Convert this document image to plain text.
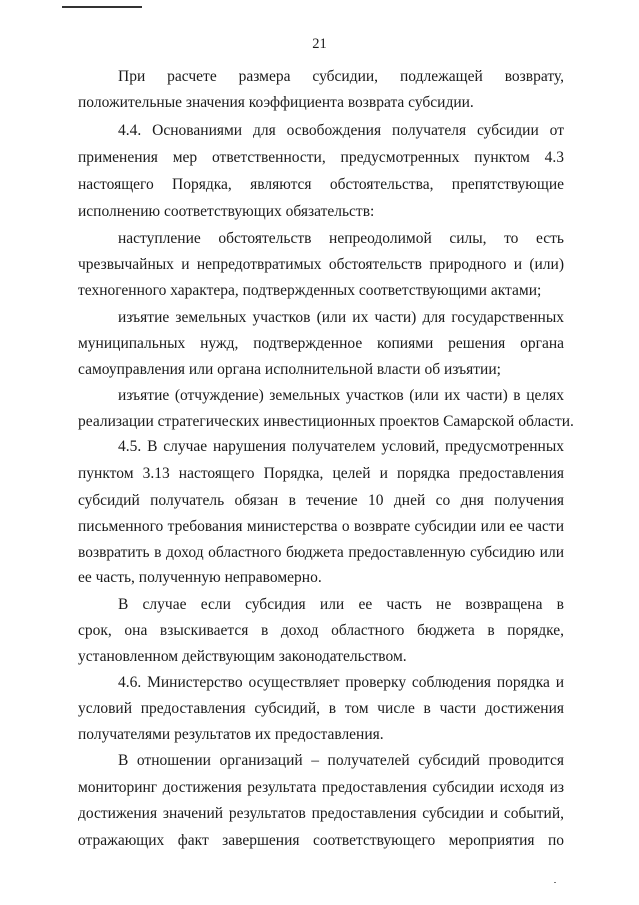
21
При расчете размера субсидии, подлежащей возврату,
положительные значения коэффициента возврата субсидии.
4.4. Основаниями для освобождения получателя субсидии от
применения мер ответственности, предусмотренных пунктом 4.3
настоящего Порядка, являются обстоятельства, препятствующие
исполнению соответствующих обязательств:
наступление обстоятельств непреодолимой силы, то есть
чрезвычайных и непредотвратимых обстоятельств природного и (или)
техногенного характера, подтвержденных соответствующими актами;
изъятие земельных участков (или их части) для государственных
муниципальных нужд, подтвержденное копиями решения органа
самоуправления или органа исполнительной власти об изъятии;
изъятие (отчуждение) земельных участков (или их части) в целях
реализации стратегических инвестиционных проектов Самарской области.
4.5. В случае нарушения получателем условий, предусмотренных
пунктом 3.13 настоящего Порядка, целей и порядка предоставления
субсидий получатель обязан в течение 10 дней со дня получения
письменного требования министерства о возврате субсидии или ее части
возвратить в доход областного бюджета предоставленную субсидию или
ее часть, полученную неправомерно.
В случае если субсидия или ее часть не возвращена в
срок, она взыскивается в доход областного бюджета в порядке,
установленном действующим законодательством.
4.6. Министерство осуществляет проверку соблюдения порядка и
условий предоставления субсидий, в том числе в части достижения
получателями результатов их предоставления.
В отношении организаций – получателей субсидий проводится
мониторинг достижения результата предоставления субсидии исходя из
достижения значений результатов предоставления субсидии и событий,
отражающих факт завершения соответствующего мероприятия по
